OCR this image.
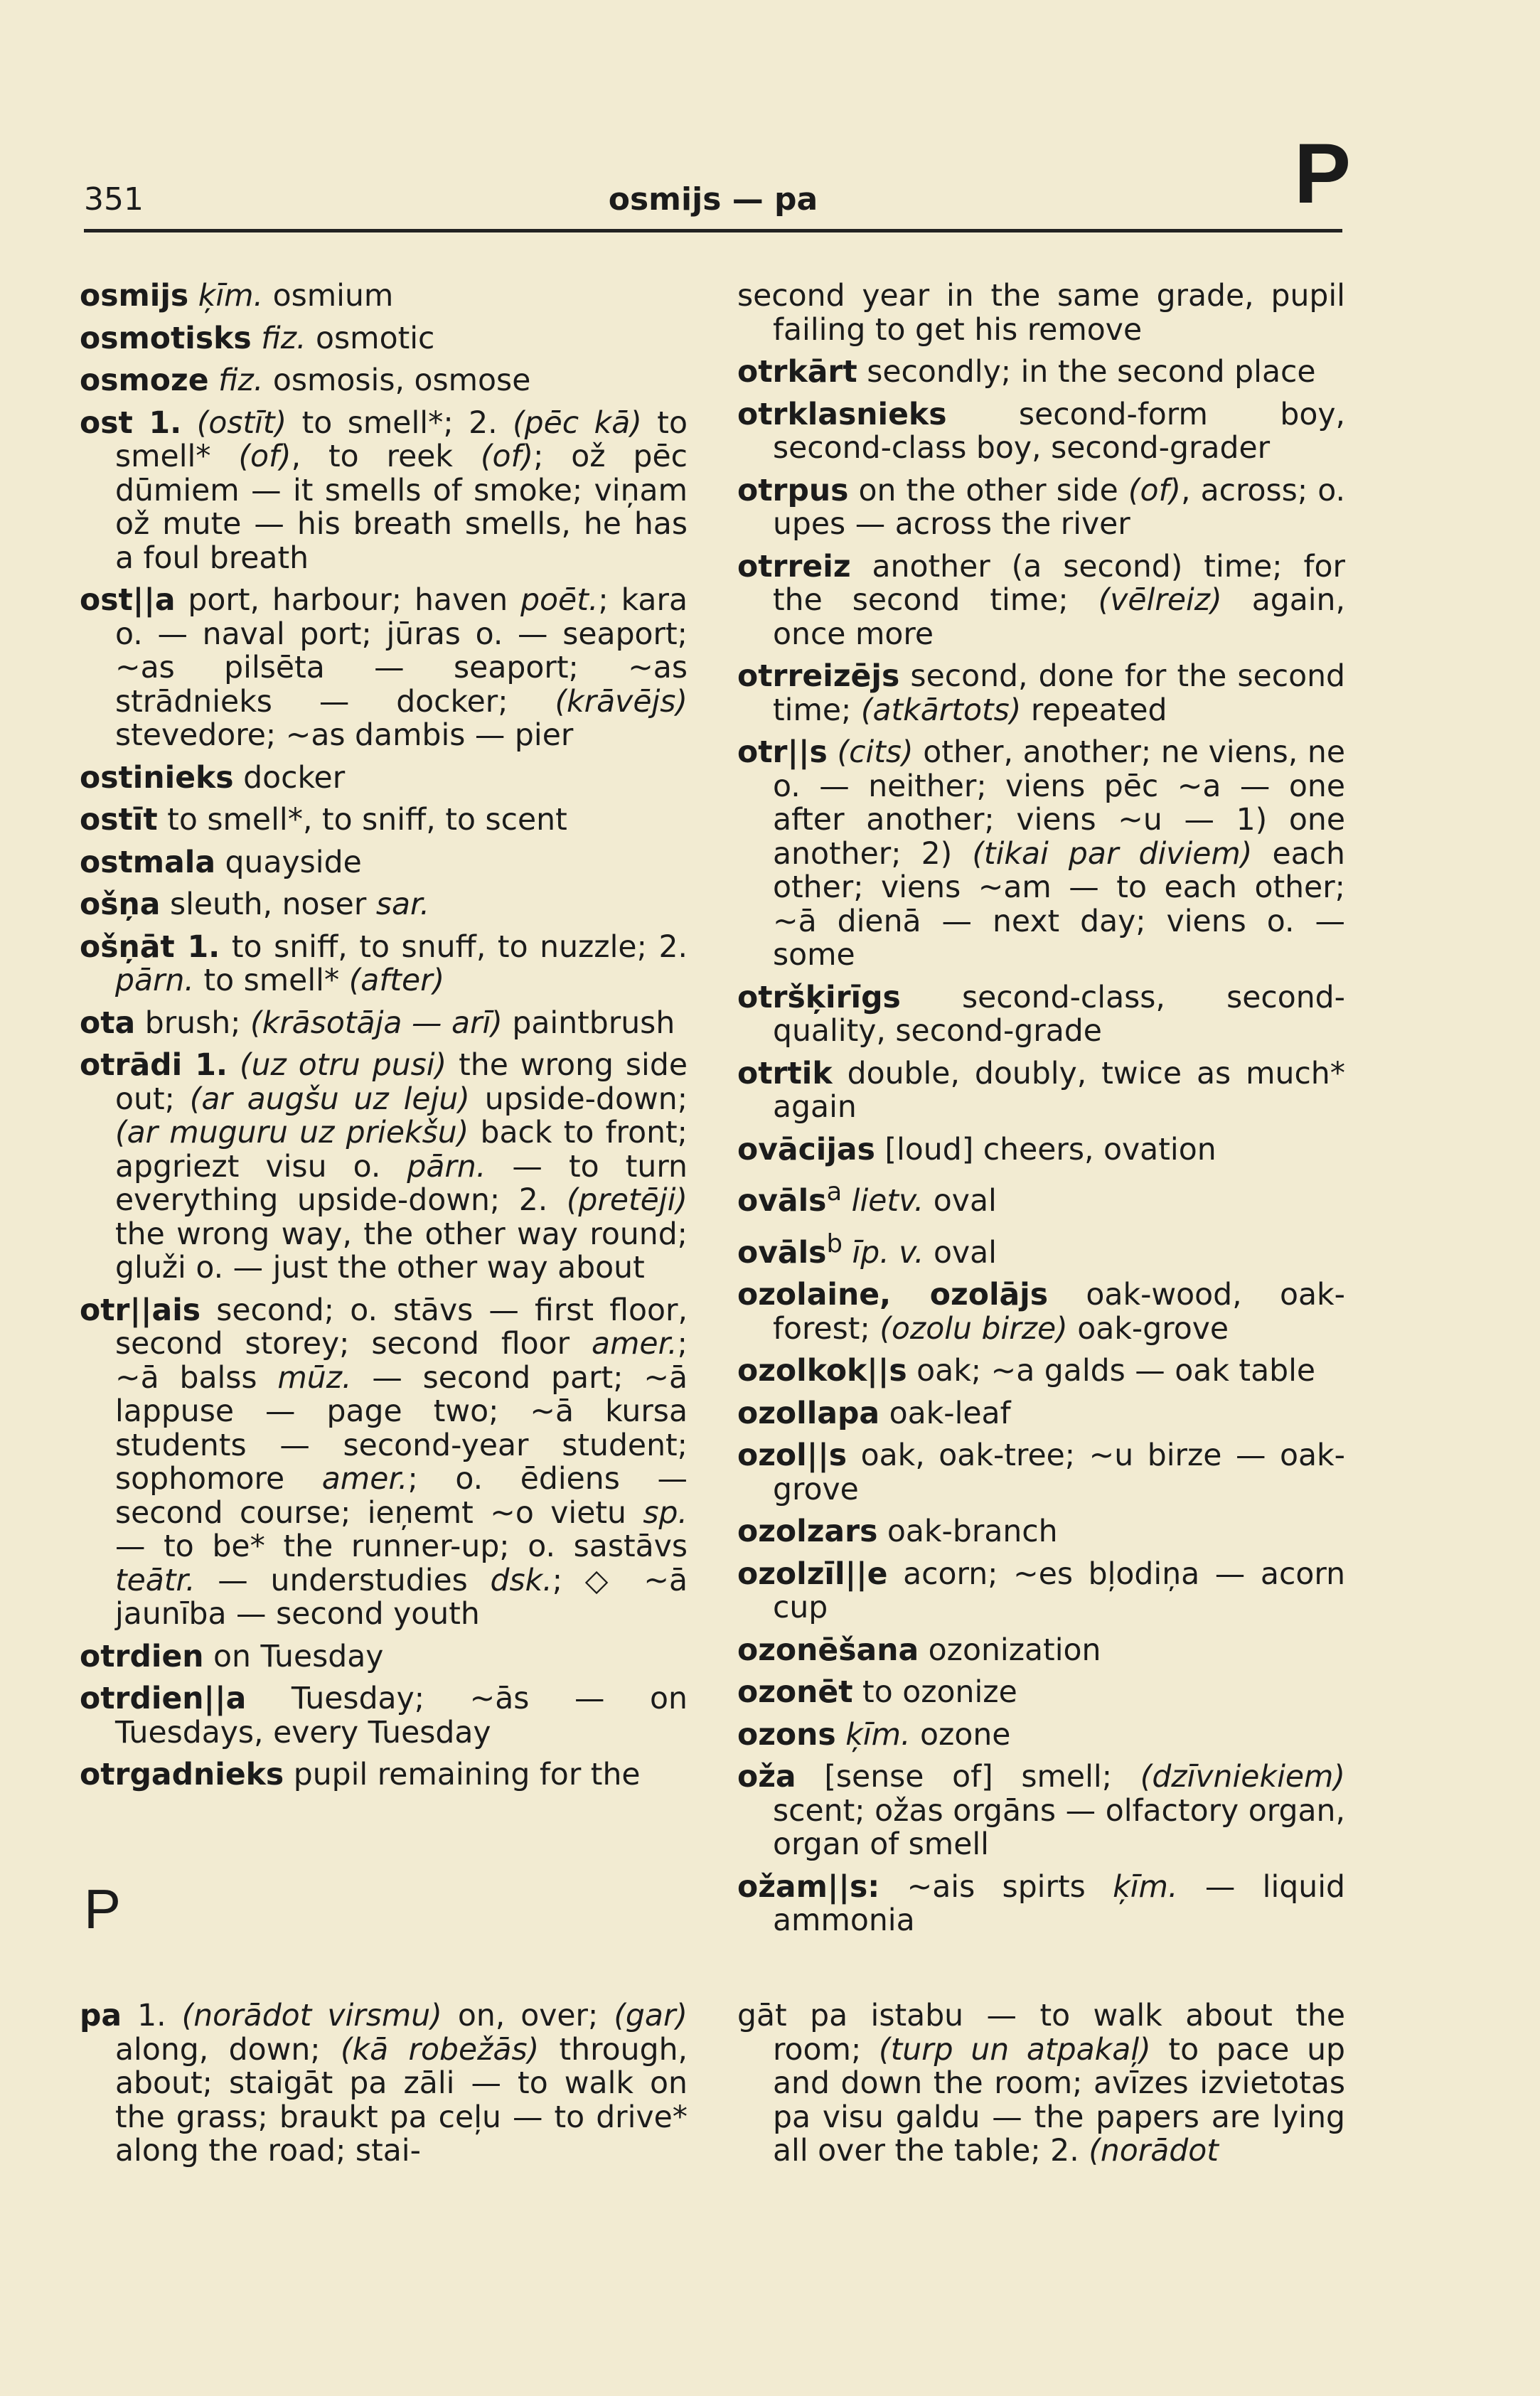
351	osmijs — pa	P

osmijs ķīm. osmium

osmotisks fiz. osmotic

osmoze fiz. osmosis, osmose

ost 1. (ostīt) to smell*; 2. (pēc kā) to smell* (of), to reek (of); ož pēc dūmiem — it smells of smoke; viņam ož mute — his breath smells, he has a foul breath

ost||a port, harbour; haven poēt.; kara o. — naval port; jūras o. — seaport; ~as pilsēta — seaport; ~as strādnieks — docker; (krāvējs) stevedore; ~as dambis — pier

ostinieks docker

ostīt to smell*, to sniff, to scent

ostmala quayside

ošņa sleuth, noser sar.

ošņāt 1. to sniff, to snuff, to nuzzle; 2. pārn. to smell* (after)

ota brush; (krāsotāja — arī) paintbrush

otrādi 1. (uz otru pusi) the wrong side out; (ar augšu uz leju) upside-down; (ar muguru uz priekšu) back to front; apgriezt visu o. pārn. — to turn everything upside-down; 2. (pretēji) the wrong way, the other way round; gluži o. — just the other way about

otr||ais second; o. stāvs — first floor, second storey; second floor amer.; ~ā balss mūz. — second part; ~ā lappuse — page two; ~ā kursa students — second-year student; sophomore amer.; o. ēdiens — second course; ieņemt ~o vietu sp. — to be* the runner-up; o. sastāvs teātr. — understudies dsk.; ◇ ~ā jaunība — second youth

otrdien on Tuesday

otrdien||a Tuesday; ~ās — on Tuesdays, every Tuesday

otrgadnieks pupil remaining for the

second year in the same grade, pupil failing to get his remove

otrkārt secondly; in the second place

otrklasnieks second-form boy, second-class boy, second-grader

otrpus on the other side (of), across; o. upes — across the river

otrreiz another (a second) time; for the second time; (vēlreiz) again, once more

otrreizējs second, done for the second time; (atkārtots) repeated

otr||s (cits) other, another; ne viens, ne o. — neither; viens pēc ~a — one after another; viens ~u — 1) one another; 2) (tikai par diviem) each other; viens ~am — to each other; ~ā dienā — next day; viens o. — some

otršķirīgs second-class, second-quality, second-grade

otrtik double, doubly, twice as much* again

ovācijas [loud] cheers, ovation

ovāls$^a$ lietv. oval

ovāls$^b$ īp. v. oval

ozolaine, ozolājs oak-wood, oak-forest; (ozolu birze) oak-grove

ozolkok||s oak; ~a galds — oak table

ozollapa oak-leaf

ozol||s oak, oak-tree; ~u birze — oak-grove

ozolzars oak-branch

ozolzīl||e acorn; ~es bļodiņa — acorn cup

ozonēšana ozonization

ozonēt to ozonize

ozons ķīm. ozone

oža [sense of] smell; (dzīvniekiem) scent; ožas orgāns — olfactory organ, organ of smell

ožam||s: ~ais spirts ķīm. — liquid ammonia

P

pa 1. (norādot virsmu) on, over; (gar) along, down; (kā robežās) through, about; staigāt pa zāli — to walk on the grass; braukt pa ceļu — to drive* along the road; stai-

gāt pa istabu — to walk about the room; (turp un atpakaļ) to pace up and down the room; avīzes izvietotas pa visu galdu — the papers are lying all over the table; 2. (norādot
